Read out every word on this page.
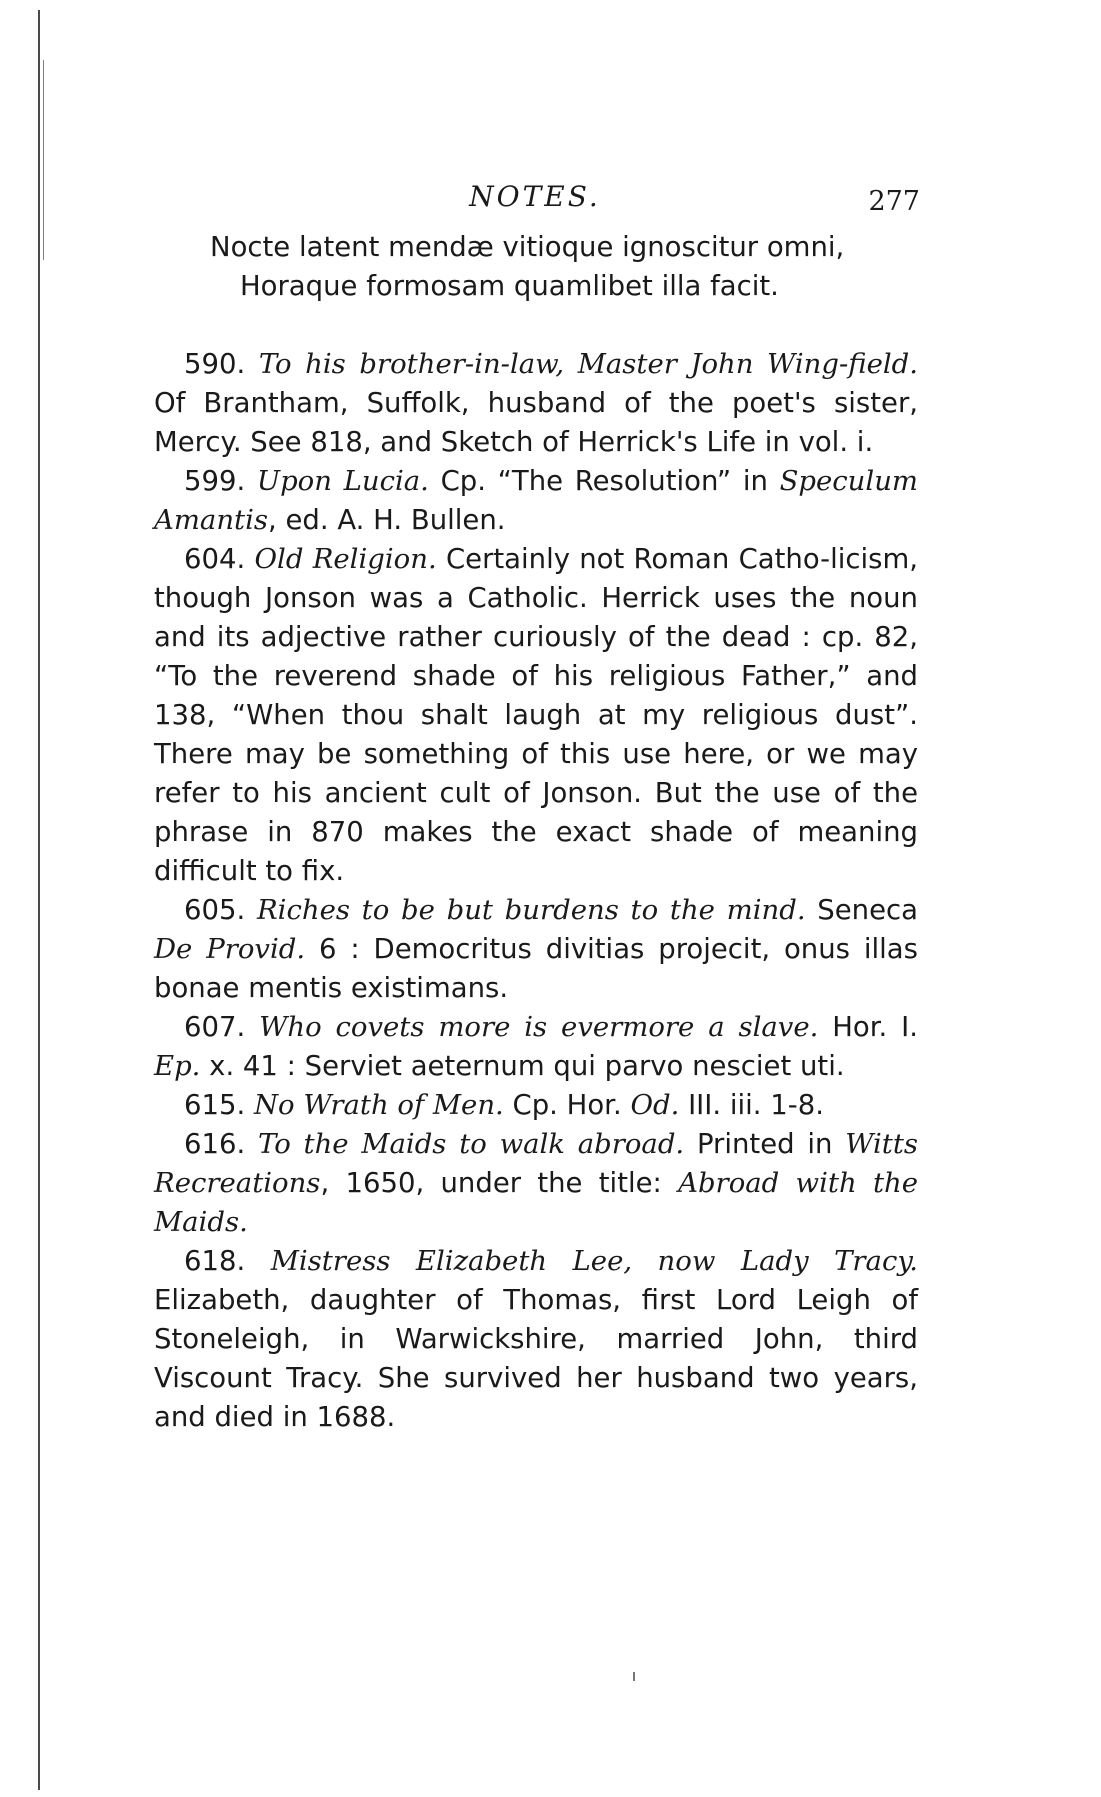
NOTES.	277
Nocte latent mendæ vitioque ignoscitur omni,
Horaque formosam quamlibet illa facit.

590. To his brother-in-law, Master John Wing-field. Of Brantham, Suffolk, husband of the poet's sister, Mercy. See 818, and Sketch of Herrick's Life in vol. i.

599. Upon Lucia. Cp. “The Resolution” in Speculum Amantis, ed. A. H. Bullen.

604. Old Religion. Certainly not Roman Catho-licism, though Jonson was a Catholic. Herrick uses the noun and its adjective rather curiously of the dead : cp. 82, “To the reverend shade of his religious Father,” and 138, “When thou shalt laugh at my religious dust”. There may be something of this use here, or we may refer to his ancient cult of Jonson. But the use of the phrase in 870 makes the exact shade of meaning difficult to fix.

605. Riches to be but burdens to the mind. Seneca De Provid. 6 : Democritus divitias projecit, onus illas bonae mentis existimans.

607. Who covets more is evermore a slave. Hor. I. Ep. x. 41 : Serviet aeternum qui parvo nesciet uti.

615. No Wrath of Men. Cp. Hor. Od. III. iii. 1-8.

616. To the Maids to walk abroad. Printed in Witts Recreations, 1650, under the title: Abroad with the Maids.

618. Mistress Elizabeth Lee, now Lady Tracy. Elizabeth, daughter of Thomas, first Lord Leigh of Stoneleigh, in Warwickshire, married John, third Viscount Tracy. She survived her husband two years, and died in 1688.
